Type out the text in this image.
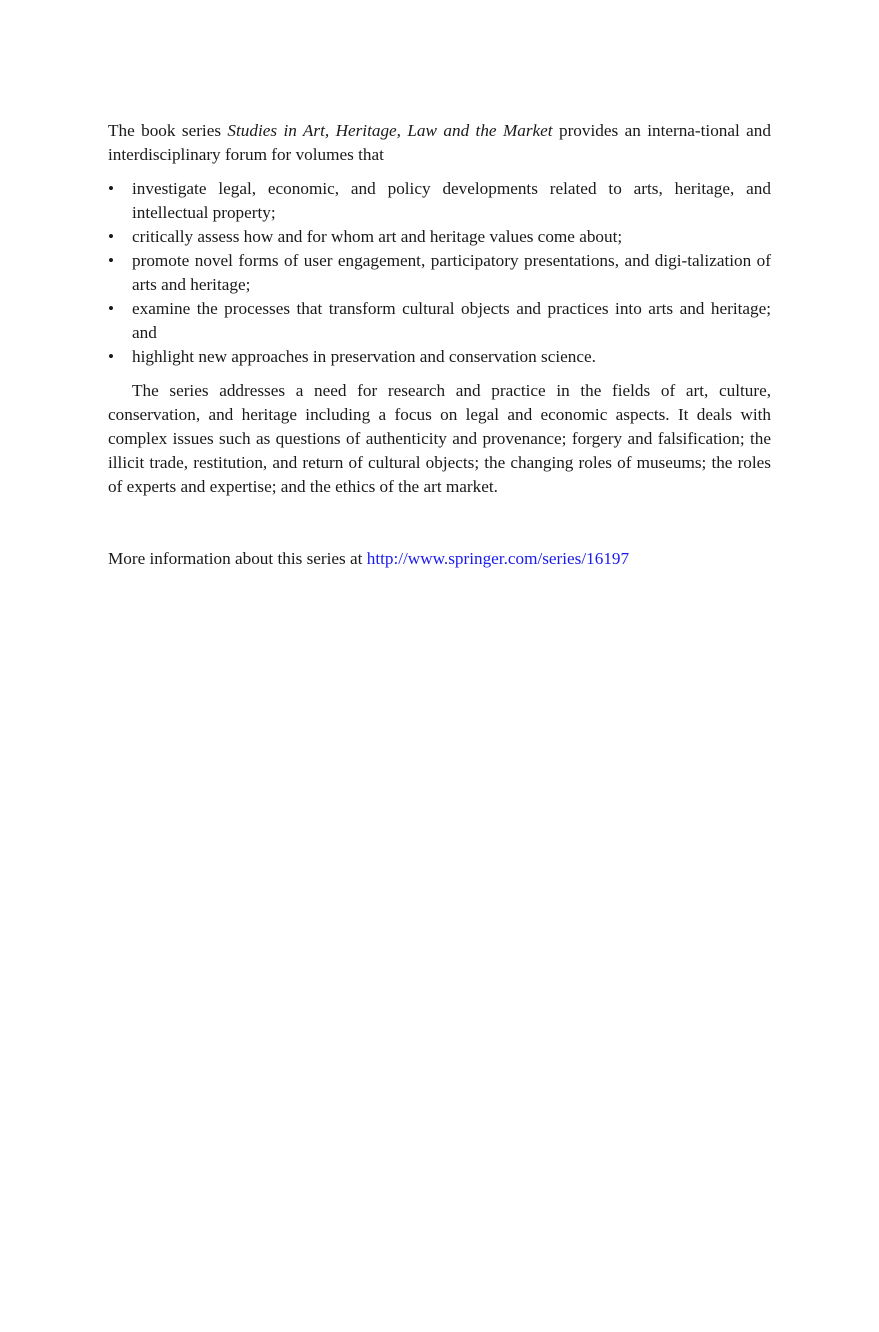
The book series Studies in Art, Heritage, Law and the Market provides an interna-tional and interdisciplinary forum for volumes that

• investigate legal, economic, and policy developments related to arts, heritage, and intellectual property;
• critically assess how and for whom art and heritage values come about;
• promote novel forms of user engagement, participatory presentations, and digi-talization of arts and heritage;
• examine the processes that transform cultural objects and practices into arts and heritage; and
• highlight new approaches in preservation and conservation science.

The series addresses a need for research and practice in the fields of art, culture, conservation, and heritage including a focus on legal and economic aspects. It deals with complex issues such as questions of authenticity and provenance; forgery and falsification; the illicit trade, restitution, and return of cultural objects; the changing roles of museums; the roles of experts and expertise; and the ethics of the art market.

More information about this series at http://www.springer.com/series/16197
